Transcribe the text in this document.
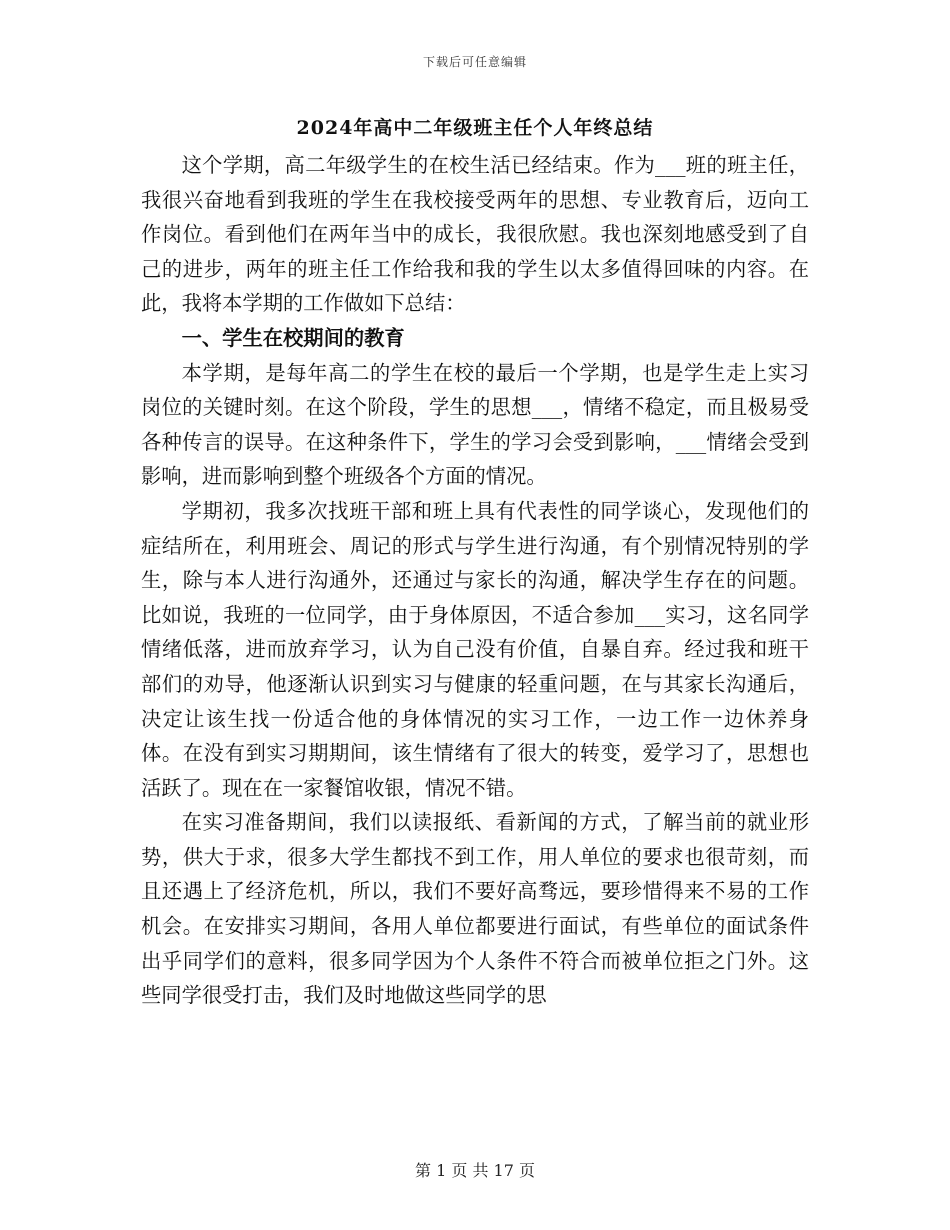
下载后可任意编辑
2024年高中二年级班主任个人年终总结

这个学期，高二年级学生的在校生活已经结束。作为___班的班主任，我很兴奋地看到我班的学生在我校接受两年的思想、专业教育后，迈向工作岗位。看到他们在两年当中的成长，我很欣慰。我也深刻地感受到了自己的进步，两年的班主任工作给我和我的学生以太多值得回味的内容。在此，我将本学期的工作做如下总结：

一、学生在校期间的教育

本学期，是每年高二的学生在校的最后一个学期，也是学生走上实习岗位的关键时刻。在这个阶段，学生的思想___，情绪不稳定，而且极易受各种传言的误导。在这种条件下，学生的学习会受到影响，___情绪会受到影响，进而影响到整个班级各个方面的情况。

学期初，我多次找班干部和班上具有代表性的同学谈心，发现他们的症结所在，利用班会、周记的形式与学生进行沟通，有个别情况特别的学生，除与本人进行沟通外，还通过与家长的沟通，解决学生存在的问题。比如说，我班的一位同学，由于身体原因，不适合参加___实习，这名同学情绪低落，进而放弃学习，认为自己没有价值，自暴自弃。经过我和班干部们的劝导，他逐渐认识到实习与健康的轻重问题，在与其家长沟通后，决定让该生找一份适合他的身体情况的实习工作，一边工作一边休养身体。在没有到实习期期间，该生情绪有了很大的转变，爱学习了，思想也活跃了。现在在一家餐馆收银，情况不错。

在实习准备期间，我们以读报纸、看新闻的方式，了解当前的就业形势，供大于求，很多大学生都找不到工作，用人单位的要求也很苛刻，而且还遇上了经济危机，所以，我们不要好高骛远，要珍惜得来不易的工作机会。在安排实习期间，各用人单位都要进行面试，有些单位的面试条件出乎同学们的意料，很多同学因为个人条件不符合而被单位拒之门外。这些同学很受打击，我们及时地做这些同学的思

第 1 页 共 17 页
